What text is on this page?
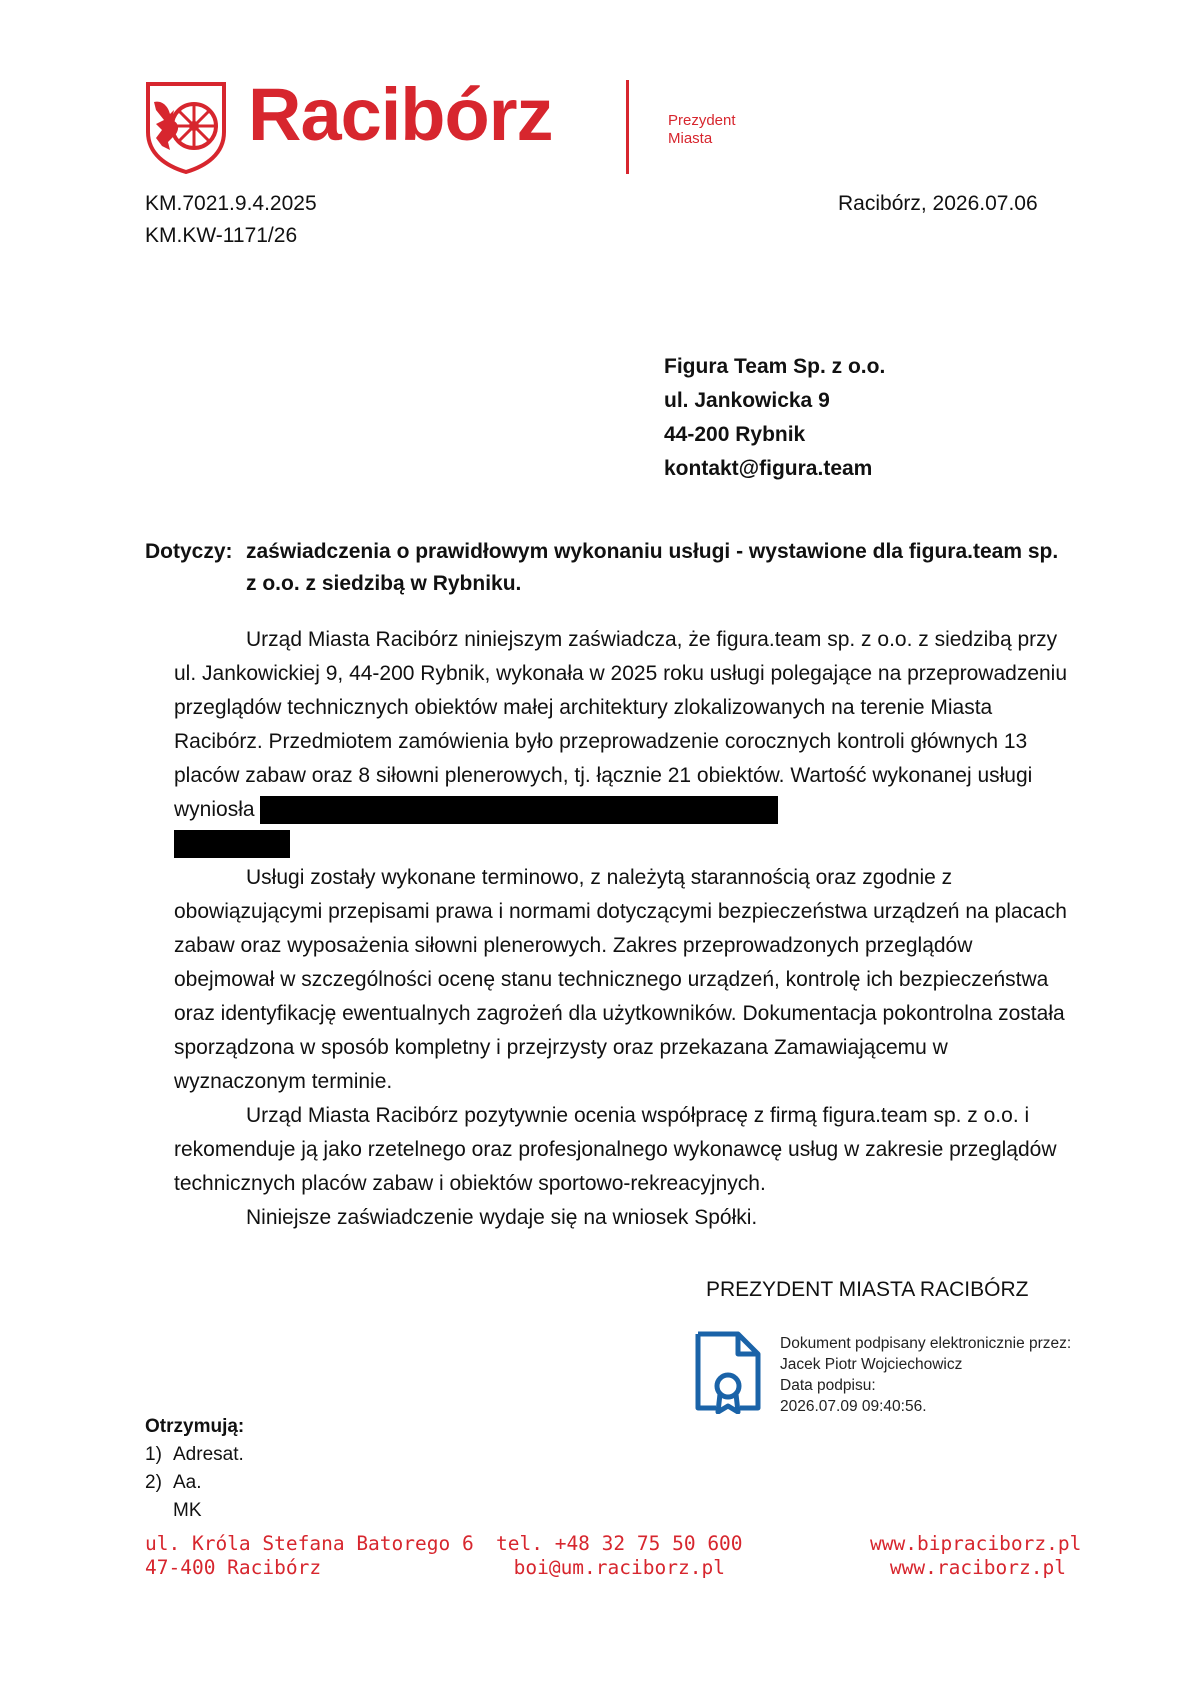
Racibórz	Prezydent
Miasta
KM.7021.9.4.2025
KM.KW-1171/26
Racibórz, 2026.07.06
Figura Team Sp. z o.o.
ul. Jankowicka 9
44-200 Rybnik
kontakt@figura.team
Dotyczy: zaświadczenia o prawidłowym wykonaniu usługi - wystawione dla figura.team sp. z o.o. z siedzibą w Rybniku.

Urząd Miasta Racibórz niniejszym zaświadcza, że figura.team sp. z o.o. z siedzibą przy ul. Jankowickiej 9, 44-200 Rybnik, wykonała w 2025 roku usługi polegające na przeprowadzeniu przeglądów technicznych obiektów małej architektury zlokalizowanych na terenie Miasta Racibórz. Przedmiotem zamówienia było przeprowadzenie corocznych kontroli głównych 13 placów zabaw oraz 8 siłowni plenerowych, tj. łącznie 21 obiektów. Wartość wykonanej usługi wyniosła

Usługi zostały wykonane terminowo, z należytą starannością oraz zgodnie z obowiązującymi przepisami prawa i normami dotyczącymi bezpieczeństwa urządzeń na placach zabaw oraz wyposażenia siłowni plenerowych. Zakres przeprowadzonych przeglądów obejmował w szczególności ocenę stanu technicznego urządzeń, kontrolę ich bezpieczeństwa oraz identyfikację ewentualnych zagrożeń dla użytkowników. Dokumentacja pokontrolna została sporządzona w sposób kompletny i przejrzysty oraz przekazana Zamawiającemu w wyznaczonym terminie.

Urząd Miasta Racibórz pozytywnie ocenia współpracę z firmą figura.team sp. z o.o. i rekomenduje ją jako rzetelnego oraz profesjonalnego wykonawcę usług w zakresie przeglądów technicznych placów zabaw i obiektów sportowo-rekreacyjnych.

Niniejsze zaświadczenie wydaje się na wniosek Spółki.

PREZYDENT MIASTA RACIBÓRZ
Dokument podpisany elektronicznie przez:
Jacek Piotr Wojciechowicz
Data podpisu:
2026.07.09 09:40:56.
Otrzymują:
1) Adresat.
2) Aa.
MK
ul. Króla Stefana Batorego 6
47-400 Racibórz
tel. +48 32 75 50 600
boi@um.raciborz.pl
www.bipraciborz.pl
www.raciborz.pl
